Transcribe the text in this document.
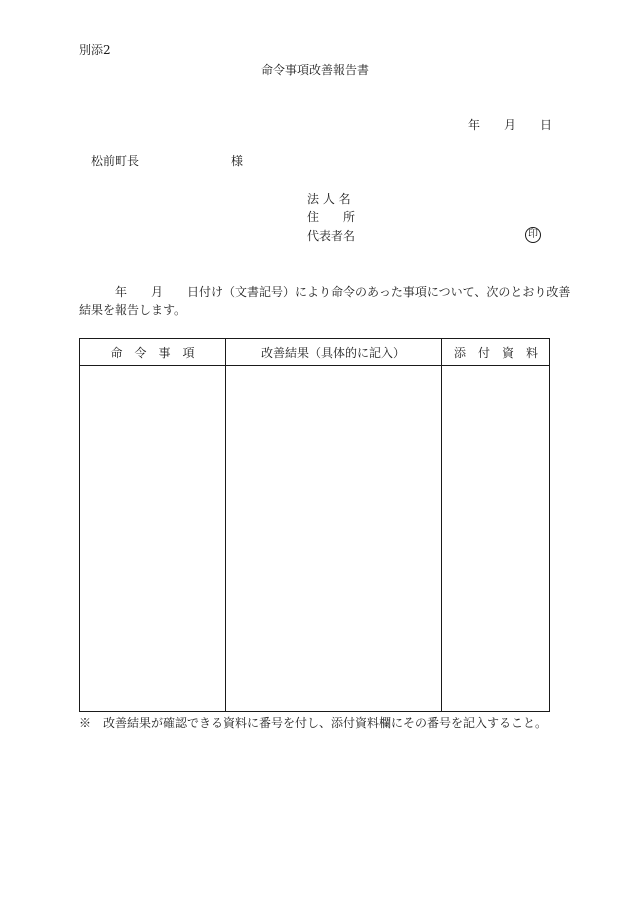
別添2
命令事項改善報告書
年　　月　　日
松前町長	様
法 人 名
住　　所
代表者名	印
年　　月　　日付け（文書記号）により命令のあった事項について、次のとおり改善
結果を報告します。
命　令　事　項	改善結果（具体的に記入）	添　付　資　料
※　改善結果が確認できる資料に番号を付し、添付資料欄にその番号を記入すること。
